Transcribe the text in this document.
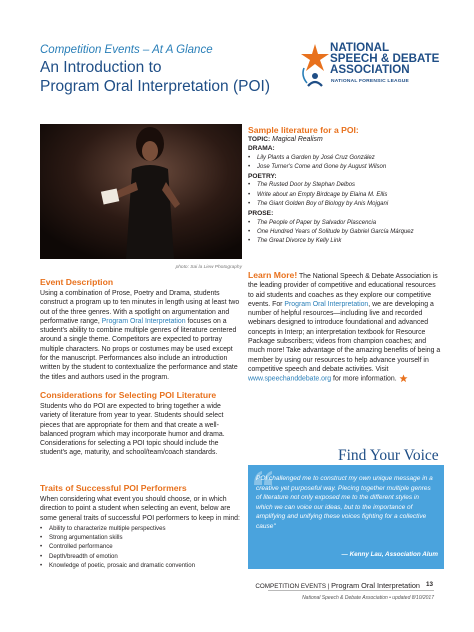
Competition Events – At A Glance
An Introduction to
Program Oral Interpretation (POI)
NATIONAL
SPEECH & DEBATE
ASSOCIATION
NATIONAL FORENSIC LEAGUE
photo: Sai la Liew Photography
Event Description
Using a combination of Prose, Poetry and Drama, students construct a program up to ten minutes in length using at least two out of the three genres. With a spotlight on argumentation and performative range, Program Oral Interpretation focuses on a student's ability to combine multiple genres of literature centered around a single theme. Competitors are expected to portray multiple characters. No props or costumes may be used except for the manuscript. Performances also include an introduction written by the student to contextualize the performance and state the titles and authors used in the program.
Considerations for Selecting POI Literature
Students who do POI are expected to bring together a wide variety of literature from year to year. Students should select pieces that are appropriate for them and that create a well-balanced program which may incorporate humor and drama. Considerations for selecting a POI topic should include the student's age, maturity, and school/team/coach standards.
Traits of Successful POI Performers
When considering what event you should choose, or in which direction to point a student when selecting an event, below are some general traits of successful POI performers to keep in mind:
• Ability to characterize multiple perspectives
• Strong argumentation skills
• Controlled performance
• Depth/breadth of emotion
• Knowledge of poetic, prosaic and dramatic convention
Sample literature for a POI:
TOPIC: Magical Realism
DRAMA:
• Lily Plants a Garden by José Cruz González
• Jose Turner's Come and Gone by August Wilson
POETRY:
• The Rusted Door by Stephan Delbos
• Write about an Empty Birdcage by Elaina M. Ellis
• The Giant Golden Boy of Biology by Anis Mojgani
PROSE:
• The People of Paper by Salvador Plascencia
• One Hundred Years of Solitude by Gabriel García Márquez
• The Great Divorce by Kelly Link
Learn More! The National Speech & Debate Association is the leading provider of competitive and educational resources to aid students and coaches as they explore our competitive events. For Program Oral Interpretation, we are developing a number of helpful resources—including live and recorded webinars designed to introduce foundational and advanced concepts in Interp; an interpretation textbook for Resource Package subscribers; videos from champion coaches; and much more! Take advantage of the amazing benefits of being a member by using our resources to help advance yourself in competitive speech and debate activities. Visit www.speechanddebate.org for more information.
Find Your Voice
POI challenged me to construct my own unique message in a creative yet purposeful way. Piecing together multiple genres of literature not only exposed me to the different styles in which we can voice our ideas, but to the importance of amplifying and unifying these voices fighting for a collective cause"
— Kenny Lau, Association Alum
COMPETITION EVENTS | Program Oral Interpretation 13
National Speech & Debate Association • updated 8/10/2017
